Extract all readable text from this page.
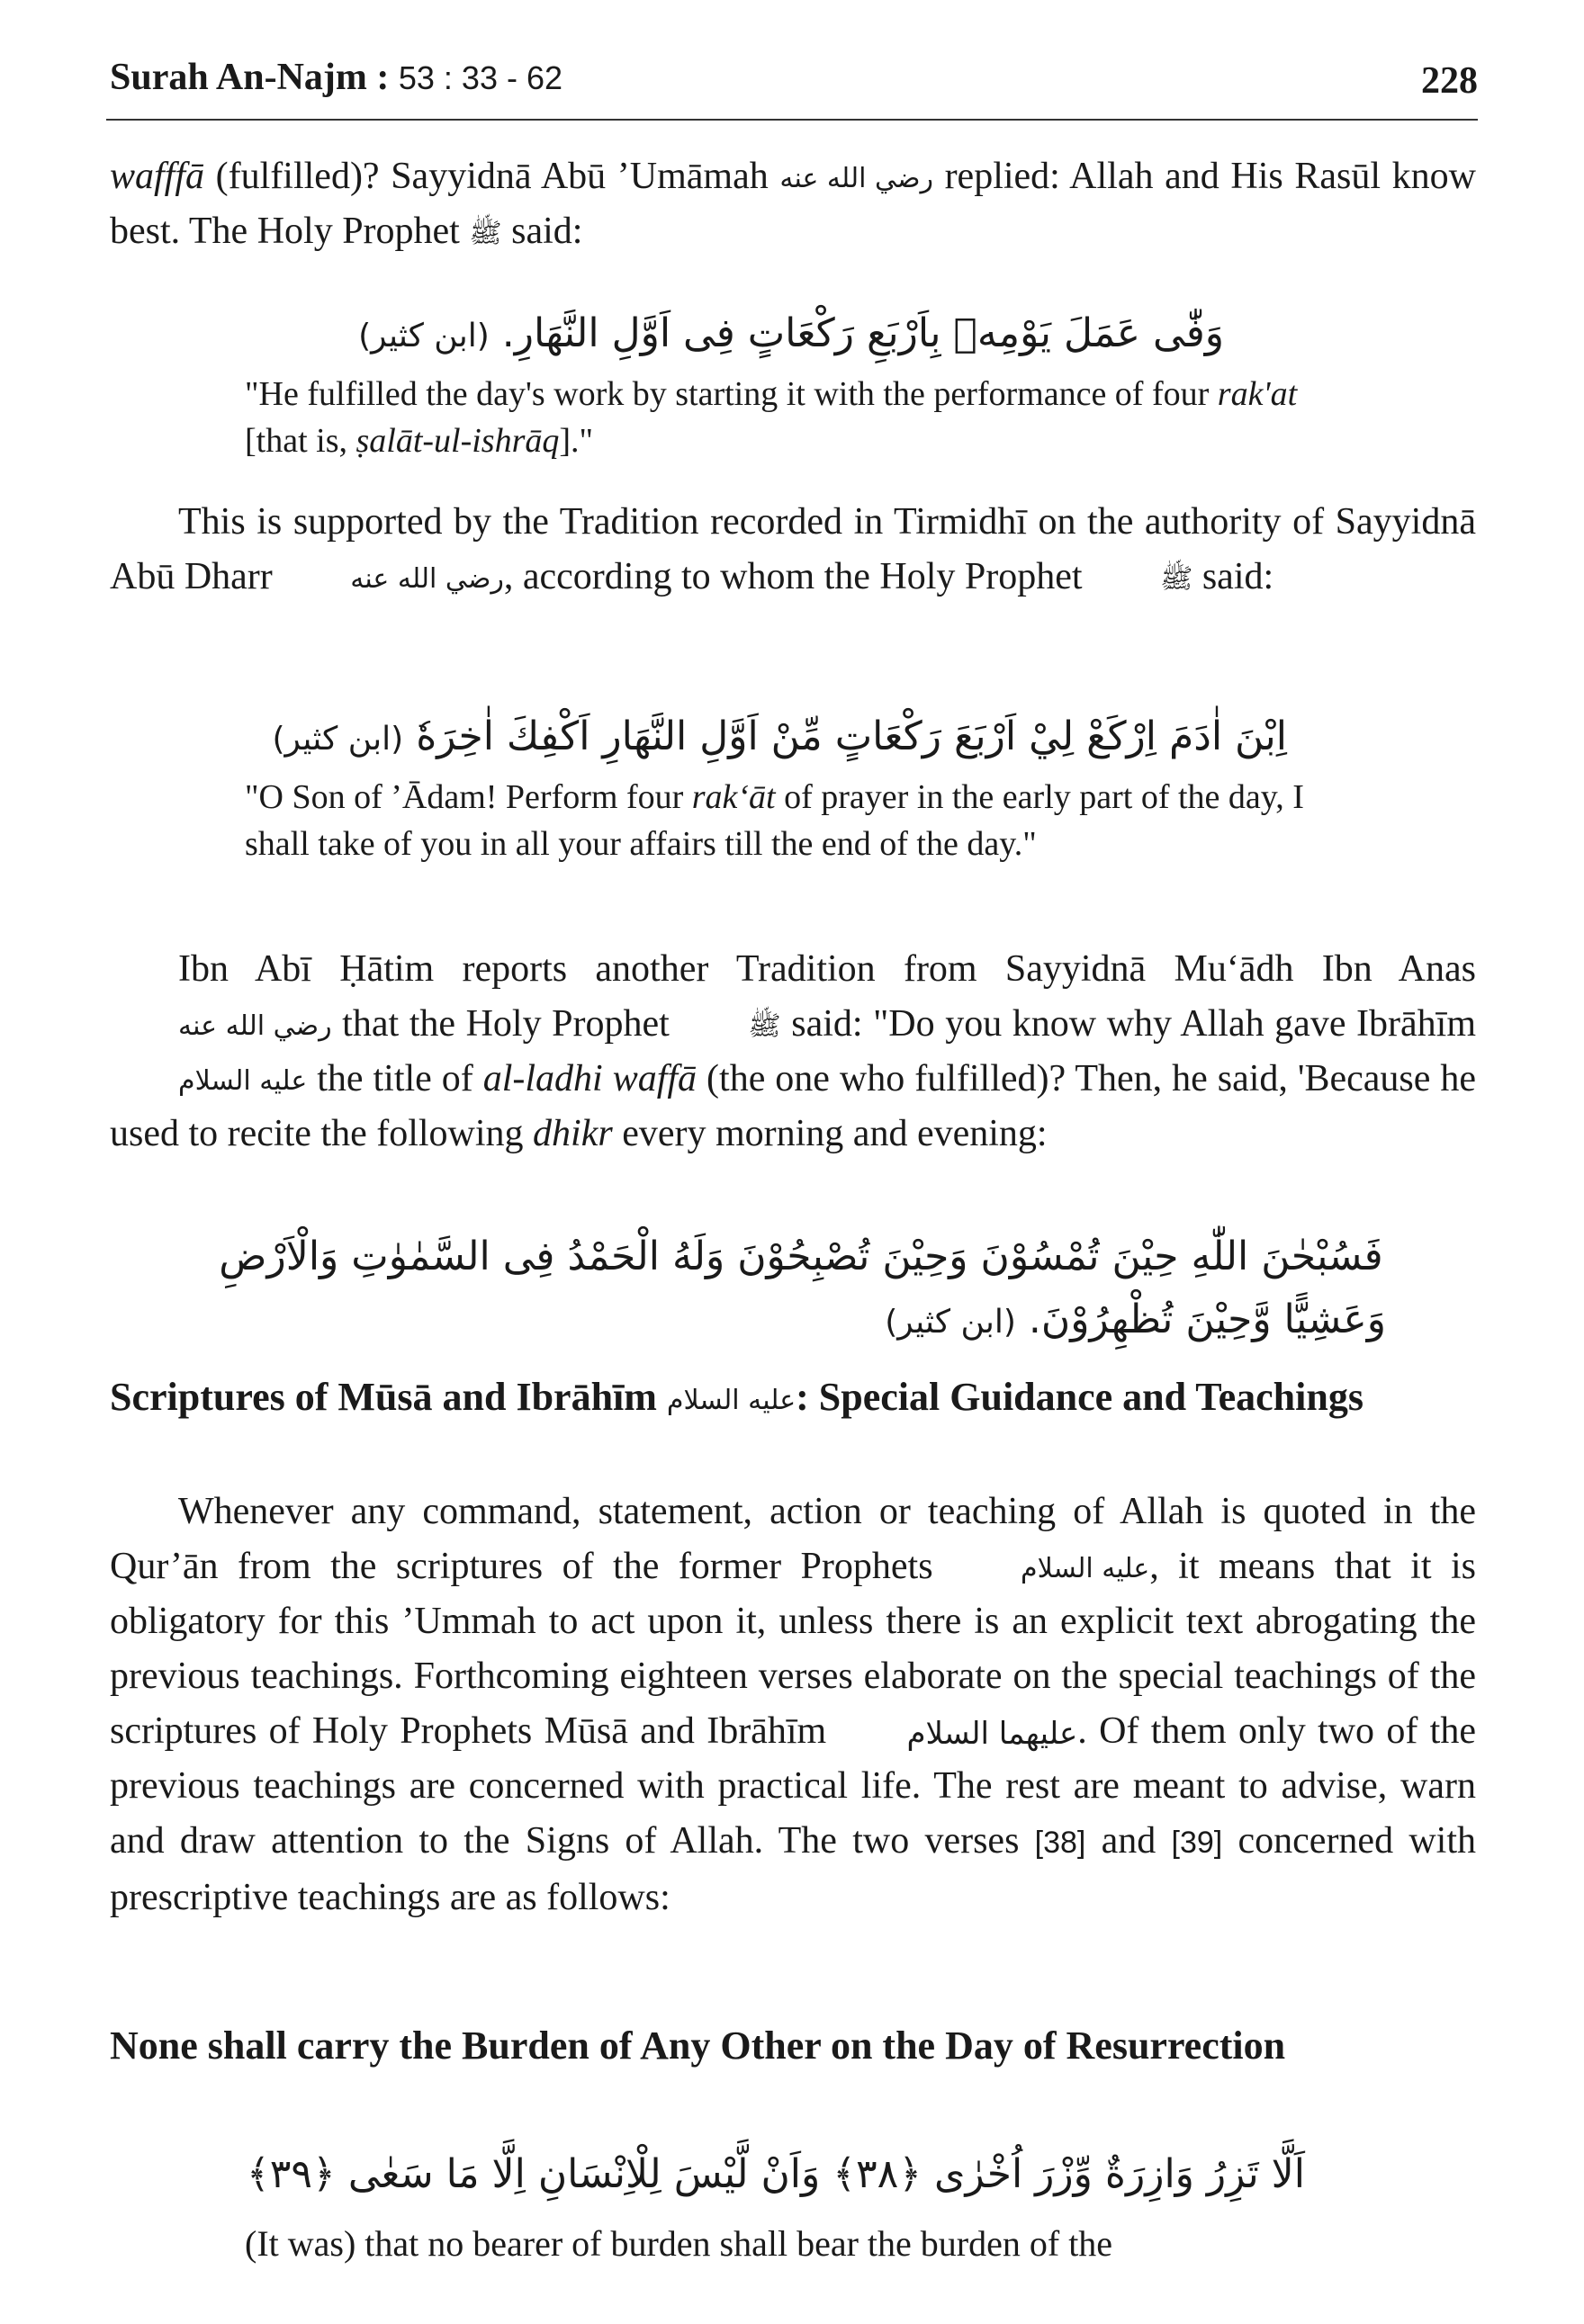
Surah An-Najm : 53 : 33 - 62	228

wafffā (fulfilled)? Sayyidnā Abū ’Umāmah رضي الله عنه replied: Allah and His Rasūl know best. The Holy Prophet ﷺ said:

وَفّٰى عَمَلَ يَوْمِهٖ بِاَرْبَعِ رَكْعَاتٍ فِى اَوَّلِ النَّهَارِ. (ابن كثير)

"He fulfilled the day's work by starting it with the performance of four rak'at [that is, ṣalāt-ul-ishrāq]."

This is supported by the Tradition recorded in Tirmidhī on the authority of Sayyidnā Abū Dharr	رضي الله عنه, according to whom the Holy Prophet	ﷺ said:

اِبْنَ اٰدَمَ اِرْكَعْ لِيْ اَرْبَعَ رَكْعَاتٍ مِّنْ اَوَّلِ النَّهَارِ اَكْفِكَ اٰخِرَهٗ (ابن كثير)

"O Son of ’Ādam! Perform four rak‘āt of prayer in the early part of the day, I shall take of you in all your affairs till the end of the day."

Ibn Abī Ḥātim reports another Tradition from Sayyidnā Mu‘ādh Ibn Anas رضي الله عنه that the Holy Prophet	ﷺ said: "Do you know why Allah gave Ibrāhīm عليه السلام the title of al-ladhi waffā (the one who fulfilled)? Then, he said, 'Because he used to recite the following dhikr every morning and evening:

فَسُبْحٰنَ اللّٰهِ حِيْنَ تُمْسُوْنَ وَحِيْنَ تُصْبِحُوْنَ وَلَهُ الْحَمْدُ فِى السَّمٰوٰتِ وَالْاَرْضِ

وَعَشِيًّا وَّحِيْنَ تُظْهِرُوْنَ. (ابن كثير)

Scriptures of Mūsā and Ibrāhīm عليه السلام: Special Guidance and Teachings

Whenever any command, statement, action or teaching of Allah is quoted in the Qur’ān from the scriptures of the former Prophets	عليه السلام, it means that it is obligatory for this ’Ummah to act upon it, unless there is an explicit text abrogating the previous teachings. Forthcoming eighteen verses elaborate on the special teachings of the scriptures of Holy Prophets Mūsā and Ibrāhīm عليهما السلام. Of them only two of the previous teachings are concerned with practical life. The rest are meant to advise, warn and draw attention to the Signs of Allah. The two verses [38] and [39] concerned with prescriptive teachings are as follows:

None shall carry the Burden of Any Other on the Day of Resurrection

اَلَّا تَزِرُ وَازِرَةٌ وِّزْرَ اُخْرٰى ﴿۳۸﴾ وَاَنْ لَّيْسَ لِلْاِنْسَانِ اِلَّا مَا سَعٰى ﴿۳۹﴾

(It was) that no bearer of burden shall bear the burden of the
